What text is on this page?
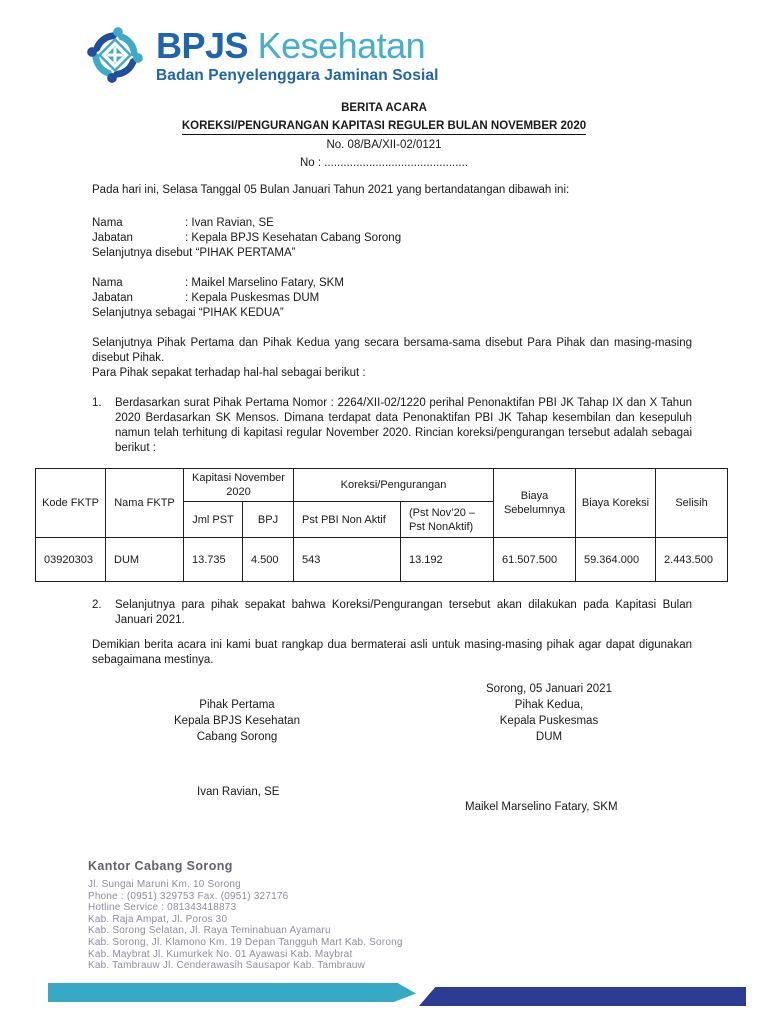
BPJS Kesehatan
Badan Penyelenggara Jaminan Sosial
BERITA ACARA
KOREKSI/PENGURANGAN KAPITASI REGULER BULAN NOVEMBER 2020
No. 08/BA/XII-02/0121
No : .............................................

Pada hari ini, Selasa Tanggal 05 Bulan Januari Tahun 2021 yang bertandatangan dibawah ini:

Nama	: Ivan Ravian, SE
Jabatan	: Kepala BPJS Kesehatan Cabang Sorong
Selanjutnya disebut “PIHAK PERTAMA”
Nama	: Maikel Marselino Fatary, SKM
Jabatan	: Kepala Puskesmas DUM
Selanjutnya sebagai “PIHAK KEDUA”
Selanjutnya Pihak Pertama dan Pihak Kedua yang secara bersama-sama disebut Para Pihak dan masing-masing disebut Pihak.
Para Pihak sepakat terhadap hal-hal sebagai berikut :
1.	Berdasarkan surat Pihak Pertama Nomor : 2264/XII-02/1220 perihal Penonaktifan PBI JK Tahap IX dan X Tahun 2020 Berdasarkan SK Mensos. Dimana terdapat data Penonaktifan PBI JK Tahap kesembilan dan kesepuluh namun telah terhitung di kapitasi regular November 2020. Rincian koreksi/pengurangan tersebut adalah sebagai berikut :
Kode FKTP	Nama FKTP	Kapitasi November 2020		Koreksi/Pengurangan		Biaya Sebelumnya	Biaya Koreksi	Selisih
		Jml PST	BPJ	Pst PBI Non Aktif	(Pst Nov’20 – Pst NonAktif)			
03920303	DUM	13.735	4.500	543	13.192	61.507.500	59.364.000	2.443.500
2.	Selanjutnya para pihak sepakat bahwa Koreksi/Pengurangan tersebut akan dilakukan pada Kapitasi Bulan Januari 2021.

Demikian berita acara ini kami buat rangkap dua bermaterai asli untuk masing-masing pihak agar dapat digunakan sebagaimana mestinya.

Sorong, 05 Januari 2021
Pihak Kedua,
Kepala Puskesmas
DUM
Pihak Pertama
Kepala BPJS Kesehatan
Cabang Sorong
Ivan Ravian, SE
Maikel Marselino Fatary, SKM
Kantor Cabang Sorong
Jl. Sungai Maruni Km. 10 Sorong
Phone : (0951) 329753 Fax. (0951) 327176
Hotline Service : 081343418873
Kab. Raja Ampat, Jl. Poros 30
Kab. Sorong Selatan, Jl. Raya Teminabuan Ayamaru
Kab. Sorong, Jl. Klamono Km. 19 Depan Tangguh Mart Kab. Sorong
Kab. Maybrat Jl. Kumurkek No. 01 Ayawasi Kab. Maybrat
Kab. Tambrauw Jl. Cenderawasih Sausapor Kab. Tambrauw
